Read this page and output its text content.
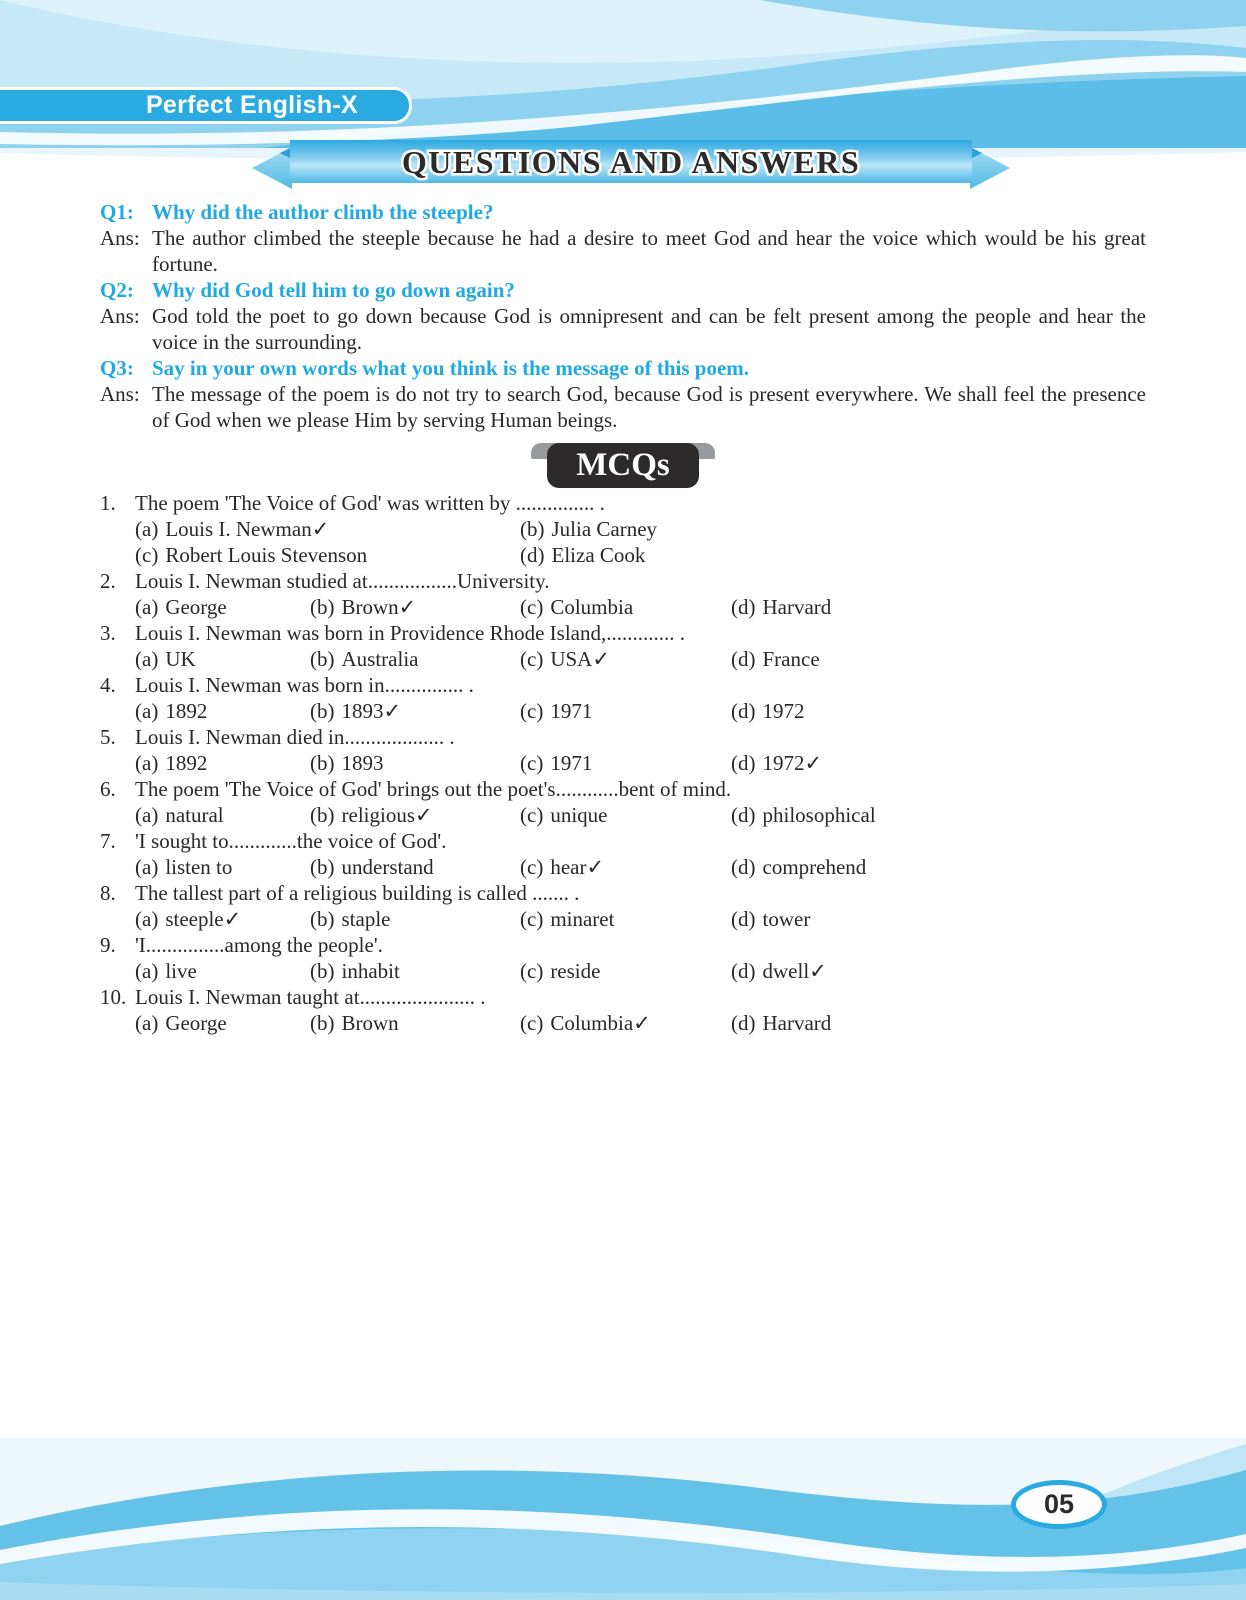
Perfect English-X
QUESTIONS AND ANSWERS
Q1: Why did the author climb the steeple?
Ans: The author climbed the steeple because he had a desire to meet God and hear the voice which would be his great fortune.
Q2: Why did God tell him to go down again?
Ans: God told the poet to go down because God is omnipresent and can be felt present among the people and hear the voice in the surrounding.
Q3: Say in your own words what you think is the message of this poem.
Ans: The message of the poem is do not try to search God, because God is present everywhere. We shall feel the presence of God when we please Him by serving Human beings.
MCQs
1. The poem 'The Voice of God' was written by ............... .
(a) Louis I. Newman✓	(b) Julia Carney
(c) Robert Louis Stevenson	(d) Eliza Cook
2. Louis I. Newman studied at.................University.
(a) George	(b) Brown✓	(c) Columbia	(d) Harvard
3. Louis I. Newman was born in Providence Rhode Island,............. .
(a) UK	(b) Australia	(c) USA✓	(d) France
4. Louis I. Newman was born in............... .
(a) 1892	(b) 1893✓	(c) 1971	(d) 1972
5. Louis I. Newman died in................... .
(a) 1892	(b) 1893	(c) 1971	(d) 1972✓
6. The poem 'The Voice of God' brings out the poet's............bent of mind.
(a) natural	(b) religious✓	(c) unique	(d) philosophical
7. 'I sought to.............the voice of God'.
(a) listen to	(b) understand	(c) hear✓	(d) comprehend
8. The tallest part of a religious building is called ....... .
(a) steeple✓	(b) staple	(c) minaret	(d) tower
9. 'I...............among the people'.
(a) live	(b) inhabit	(c) reside	(d) dwell✓
10. Louis I. Newman taught at...................... .
(a) George	(b) Brown	(c) Columbia✓	(d) Harvard
05
